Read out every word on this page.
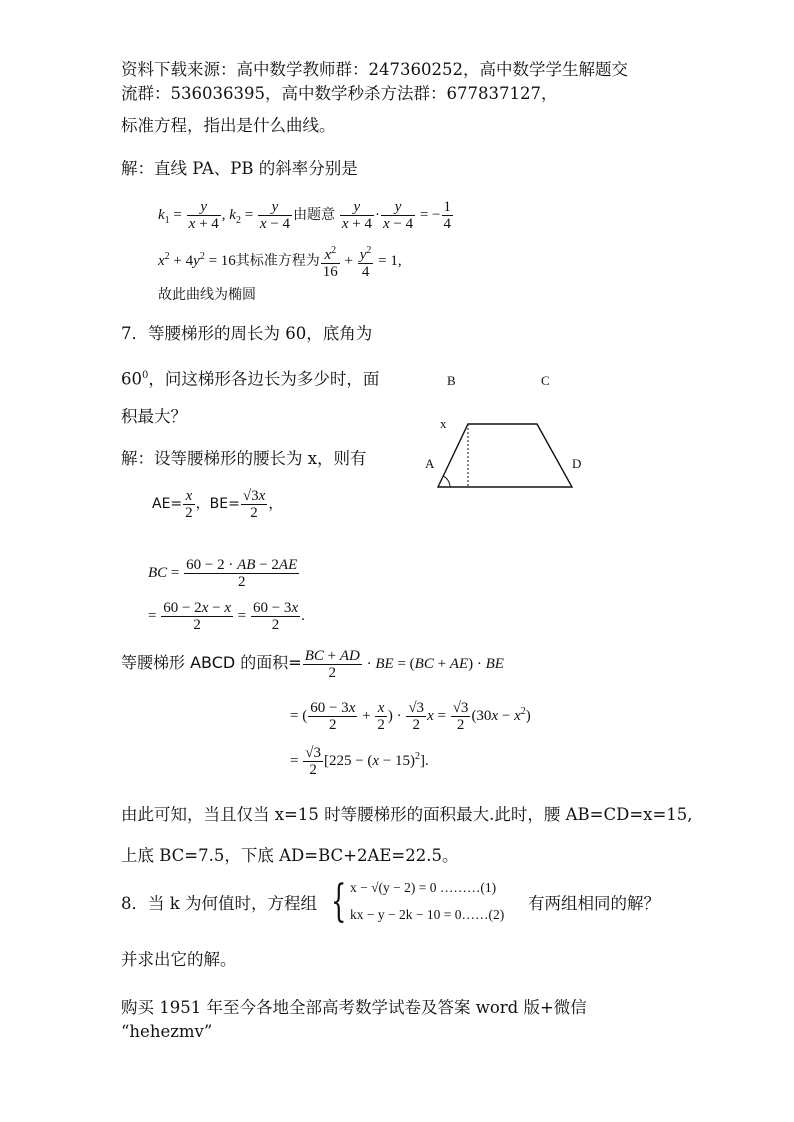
资料下载来源：高中数学教师群：247360252，高中数学学生解题交
流群：536036395，高中数学秒杀方法群：677837127，
标准方程，指出是什么曲线。
解：直线 PA、PB 的斜率分别是
$k_1 = \frac{y}{x + 4}$ , $k_2 = \frac{y}{x - 4}$ 由题意 $\frac{y}{x + 4} \cdot \frac{y}{x - 4}$ = − $\frac{1}{4}$
$x^2 + 4y^2 = 16$其标准方程为 $\frac{x^2}{16} + \frac{y^2}{4} = 1$,
故此曲线为椭圆
7．等腰梯形的周长为 60，底角为
$60^0$，问这梯形各边长为多少时，面
积最大？
解：设等腰梯形的腰长为 x，则有
B	C
x
A	D
$AE= \frac{x}{2}$ ，$BE= \frac{√3x}{2}$ ，
BC = $\frac{60 - 2 \cdot AB - 2AE}{2}$
= $\frac{60 - 2x - x}{2} = \frac{60 - 3x}{2}$ .
等腰梯形 ABCD 的面积= $\frac{BC + AD}{2}$ · BE = (BC + AE) · BE
= ( $\frac{60 - 3x}{2} + \frac{x}{2}$ ) · $\frac{√3}{2}$ $x = \frac{√3}{2} (30x - x^2)$
= $\frac{√3}{2} [225 - (x - 15)^2]$.
由此可知，当且仅当 x=15 时等腰梯形的面积最大.此时，腰 AB=CD=x=15,
上底 BC=7.5，下底 AD=BC+2AE=22.5。
8．当 k 为何值时，方程组 { x − √(y − 2) = 0 ………(1)
kx − y − 2k − 10 = 0……(2)
有两组相同的解？
并求出它的解。
购买 1951 年至今各地全部高考数学试卷及答案 word 版+微信
“hehezmv”
